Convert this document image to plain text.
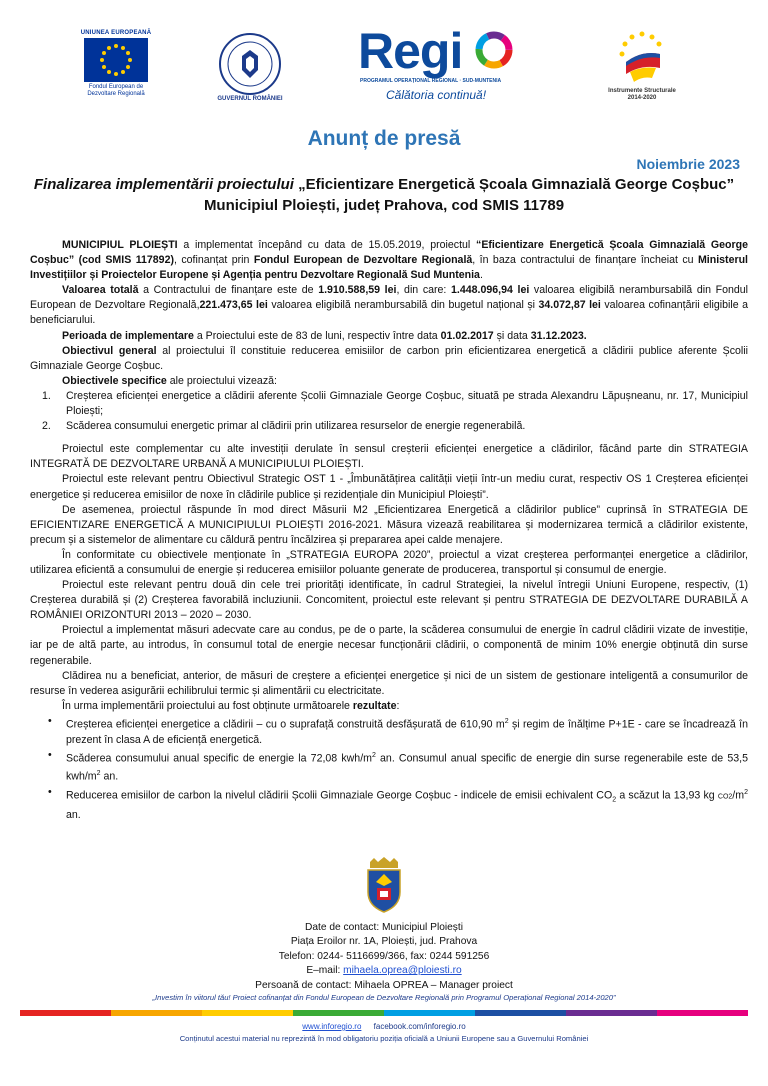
UNIUNEA EUROPEANĂ
Fondul European de
Dezvoltare Regională
GUVERNUL ROMÂNIEI
Regi
PROGRAMUL OPERAȚIONAL REGIONAL · SUD-MUNTENIA
Călătoria continuă!	Instrumente Structurale
2014-2020
Anunț de presă
Noiembrie 2023
Finalizarea implementării proiectului „Eficientizare Energetică Școala Gimnazială George Coșbuc”
Municipiul Ploiești, județ Prahova, cod SMIS 11789

MUNICIPIUL PLOIEȘTI a implementat începând cu data de 15.05.2019, proiectul “Eficientizare Energetică Școala Gimnazială George Coșbuc” (cod SMIS 117892), cofinanțat prin Fondul European de Dezvoltare Regională, în baza contractului de finanțare încheiat cu Ministerul Investițiilor și Proiectelor Europene și Agenția pentru Dezvoltare Regională Sud Muntenia.

Valoarea totală a Contractului de finanțare este de 1.910.588,59 lei, din care: 1.448.096,94 lei valoarea eligibilă nerambursabilă din Fondul European de Dezvoltare Regională,221.473,65 lei valoarea eligibilă nerambursabilă din bugetul național și 34.072,87 lei valoarea cofinanțării eligibile a beneficiarului.

Perioada de implementare a Proiectului este de 83 de luni, respectiv între data 01.02.2017 și data 31.12.2023.

Obiectivul general al proiectului îl constituie reducerea emisiilor de carbon prin eficientizarea energetică a clădirii publice aferente Școlii Gimnaziale George Coșbuc.

Obiectivele specifice ale proiectului vizează:

1. Creșterea eficienței energetice a clădirii aferente Școlii Gimnaziale George Coșbuc, situată pe strada Alexandru Lăpușneanu, nr. 17, Municipiul Ploiești;

2. Scăderea consumului energetic primar al clădirii prin utilizarea resurselor de energie regenerabilă.

Proiectul este complementar cu alte investiții derulate în sensul creșterii eficienței energetice a clădirilor, făcând parte din STRATEGIA INTEGRATĂ DE DEZVOLTARE URBANĂ A MUNICIPIULUI PLOIEȘTI.

Proiectul este relevant pentru Obiectivul Strategic OST 1 - „Îmbunătățirea calității vieții într-un mediu curat, respectiv OS 1 Creșterea eficienței energetice și reducerea emisiilor de noxe în clădirile publice și rezidențiale din Municipiul Ploiești”.

De asemenea, proiectul răspunde în mod direct Măsurii M2 „Eficientizarea Energetică a clădirilor publice” cuprinsă în STRATEGIA DE EFICIENTIZARE ENERGETICĂ A MUNICIPIULUI PLOIEȘTI 2016-2021. Măsura vizează reabilitarea și modernizarea termică a clădirilor existente, precum și a sistemelor de alimentare cu căldură pentru încălzirea și prepararea apei calde menajere.

În conformitate cu obiectivele menționate în „STRATEGIA EUROPA 2020”, proiectul a vizat creșterea performanței energetice a clădirilor, utilizarea eficientă a consumului de energie și reducerea emisiilor poluante generate de producerea, transportul și consumul de energie.

Proiectul este relevant pentru două din cele trei priorități identificate, în cadrul Strategiei, la nivelul întregii Uniuni Europene, respectiv, (1) Creșterea durabilă și (2) Creșterea favorabilă incluziunii. Concomitent, proiectul este relevant și pentru STRATEGIA DE DEZVOLTARE DURABILĂ A ROMÂNIEI ORIZONTURI 2013 – 2020 – 2030.

Proiectul a implementat măsuri adecvate care au condus, pe de o parte, la scăderea consumului de energie în cadrul clădirii vizate de investiție, iar pe de altă parte, au introdus, în consumul total de energie necesar funcționării clădirii, o componentă de minim 10% energie obținută din surse regenerabile.

Clădirea nu a beneficiat, anterior, de măsuri de creștere a eficienței energetice și nici de un sistem de gestionare inteligentă a consumurilor de resurse în vederea asigurării echilibrului termic și alimentării cu electricitate.

În urma implementării proiectului au fost obținute următoarele rezultate:

• Creșterea eficienței energetice a clădirii – cu o suprafață construită desfășurată de 610,90 $m^2$ și regim de înălțime P+1E - care se încadrează în prezent în clasa A de eficiență energetică.

• Scăderea consumului anual specific de energie la 72,08 kwh/$m^2$ an. Consumul anual specific de energie din surse regenerabile este de 53,5 kwh/$m^2$ an.

• Reducerea emisiilor de carbon la nivelul clădirii Școlii Gimnaziale George Coșbuc - indicele de emisii echivalent $CO_2$ a scăzut la 13,93 kg $CO2/m^2$ an.

Date de contact: Municipiul Ploiești
Piața Eroilor nr. 1A, Ploiești, jud. Prahova
Telefon: 0244- 5116699/366, fax: 0244 591256
E–mail: mihaela.oprea@ploiesti.ro
Persoană de contact: Mihaela OPREA – Manager proiect
„Investim în viitorul tău! Proiect cofinanțat din Fondul European de Dezvoltare Regională prin Programul Operațional Regional 2014-2020”
www.inforegio.ro facebook.com/inforegio.ro
Conținutul acestui material nu reprezintă în mod obligatoriu poziția oficială a Uniunii Europene sau a Guvernului României
